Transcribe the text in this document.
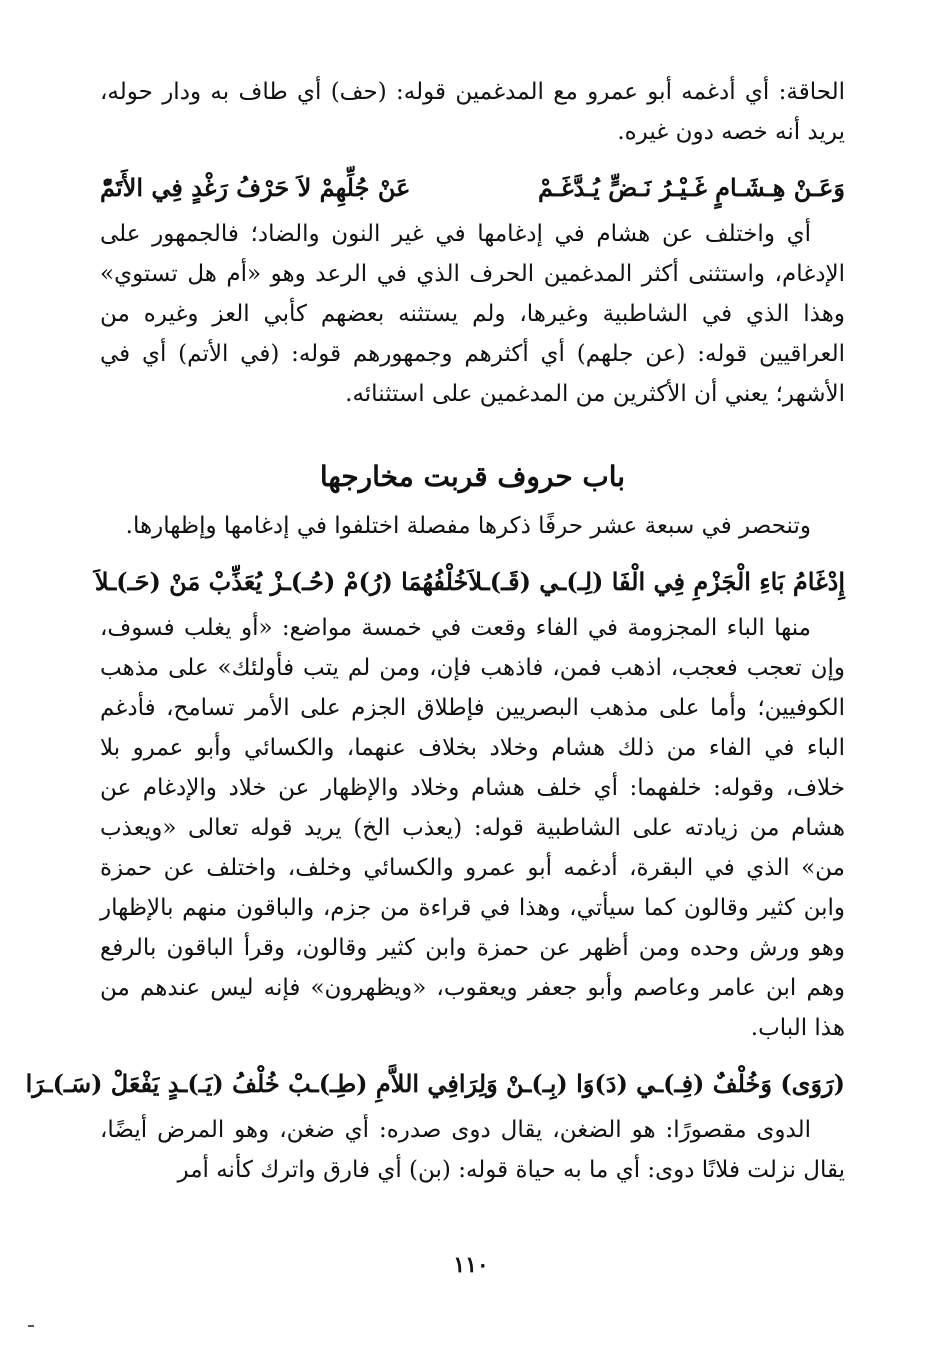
الحاقة: أي أدغمه أبو عمرو مع المدغمين قوله: (حف) أي طاف به ودار حوله، يريد أنه خصه دون غيره.

وَعَـنْ هِـشَـامٍ غَـيْـرُ نَـضٍّ يُـدَّغَـمْ
عَنْ جُلِّهِمْ لاَ حَرْفُ رَغْدٍ فِي الأَتَمّْ

أي واختلف عن هشام في إدغامها في غير النون والضاد؛ فالجمهور على الإدغام، واستثنى أكثر المدغمين الحرف الذي في الرعد وهو «أم هل تستوي» وهذا الذي في الشاطبية وغيرها، ولم يستثنه بعضهم كأبي العز وغيره من العراقيين قوله: (عن جلهم) أي أكثرهم وجمهورهم قوله: (في الأتم) أي في الأشهر؛ يعني أن الأكثرين من المدغمين على استثنائه.

باب حروف قربت مخارجها

وتنحصر في سبعة عشر حرفًا ذكرها مفصلة اختلفوا في إدغامها وإظهارها.

إِدْغَامُ بَاءِ الْجَزْمِ فِي الْفَا (لِـ)ـي (قَـ)ـلاَ
خُلْفُهُمَا (رُ)مْ (حُـ)ـزْ يُعَذِّبْ مَنْ (حَـ)ـلاَ

منها الباء المجزومة في الفاء وقعت في خمسة مواضع: «أو يغلب فسوف، وإن تعجب فعجب، اذهب فمن، فاذهب فإن، ومن لم يتب فأولئك» على مذهب الكوفيين؛ وأما على مذهب البصريين فإطلاق الجزم على الأمر تسامح، فأدغم الباء في الفاء من ذلك هشام وخلاد بخلاف عنهما، والكسائي وأبو عمرو بلا خلاف، وقوله: خلفهما: أي خلف هشام وخلاد والإظهار عن خلاد والإدغام عن هشام من زيادته على الشاطبية قوله: (يعذب الخ) يريد قوله تعالى «ويعذب من» الذي في البقرة، أدغمه أبو عمرو والكسائي وخلف، واختلف عن حمزة وابن كثير وقالون كما سيأتي، وهذا في قراءة من جزم، والباقون منهم بالإظهار وهو ورش وحده ومن أظهر عن حمزة وابن كثير وقالون، وقرأ الباقون بالرفع وهم ابن عامر وعاصم وأبو جعفر ويعقوب، «ويظهرون» فإنه ليس عندهم من هذا الباب.

(رَوَى) وَخُلْفٌ (فِـ)ـي (دَ)وَا (بِـ)ـنْ وَلِرَا
فِي اللاَّمِ (طِـ)ـبْ خُلْفُ (يَـ)ـدٍ يَفْعَلْ (سَـ)ـرَا

الدوى مقصورًا: هو الضغن، يقال دوى صدره: أي ضغن، وهو المرض أيضًا، يقال نزلت فلانًا دوى: أي ما به حياة قوله: (بن) أي فارق واترك كأنه أمر

١١٠
